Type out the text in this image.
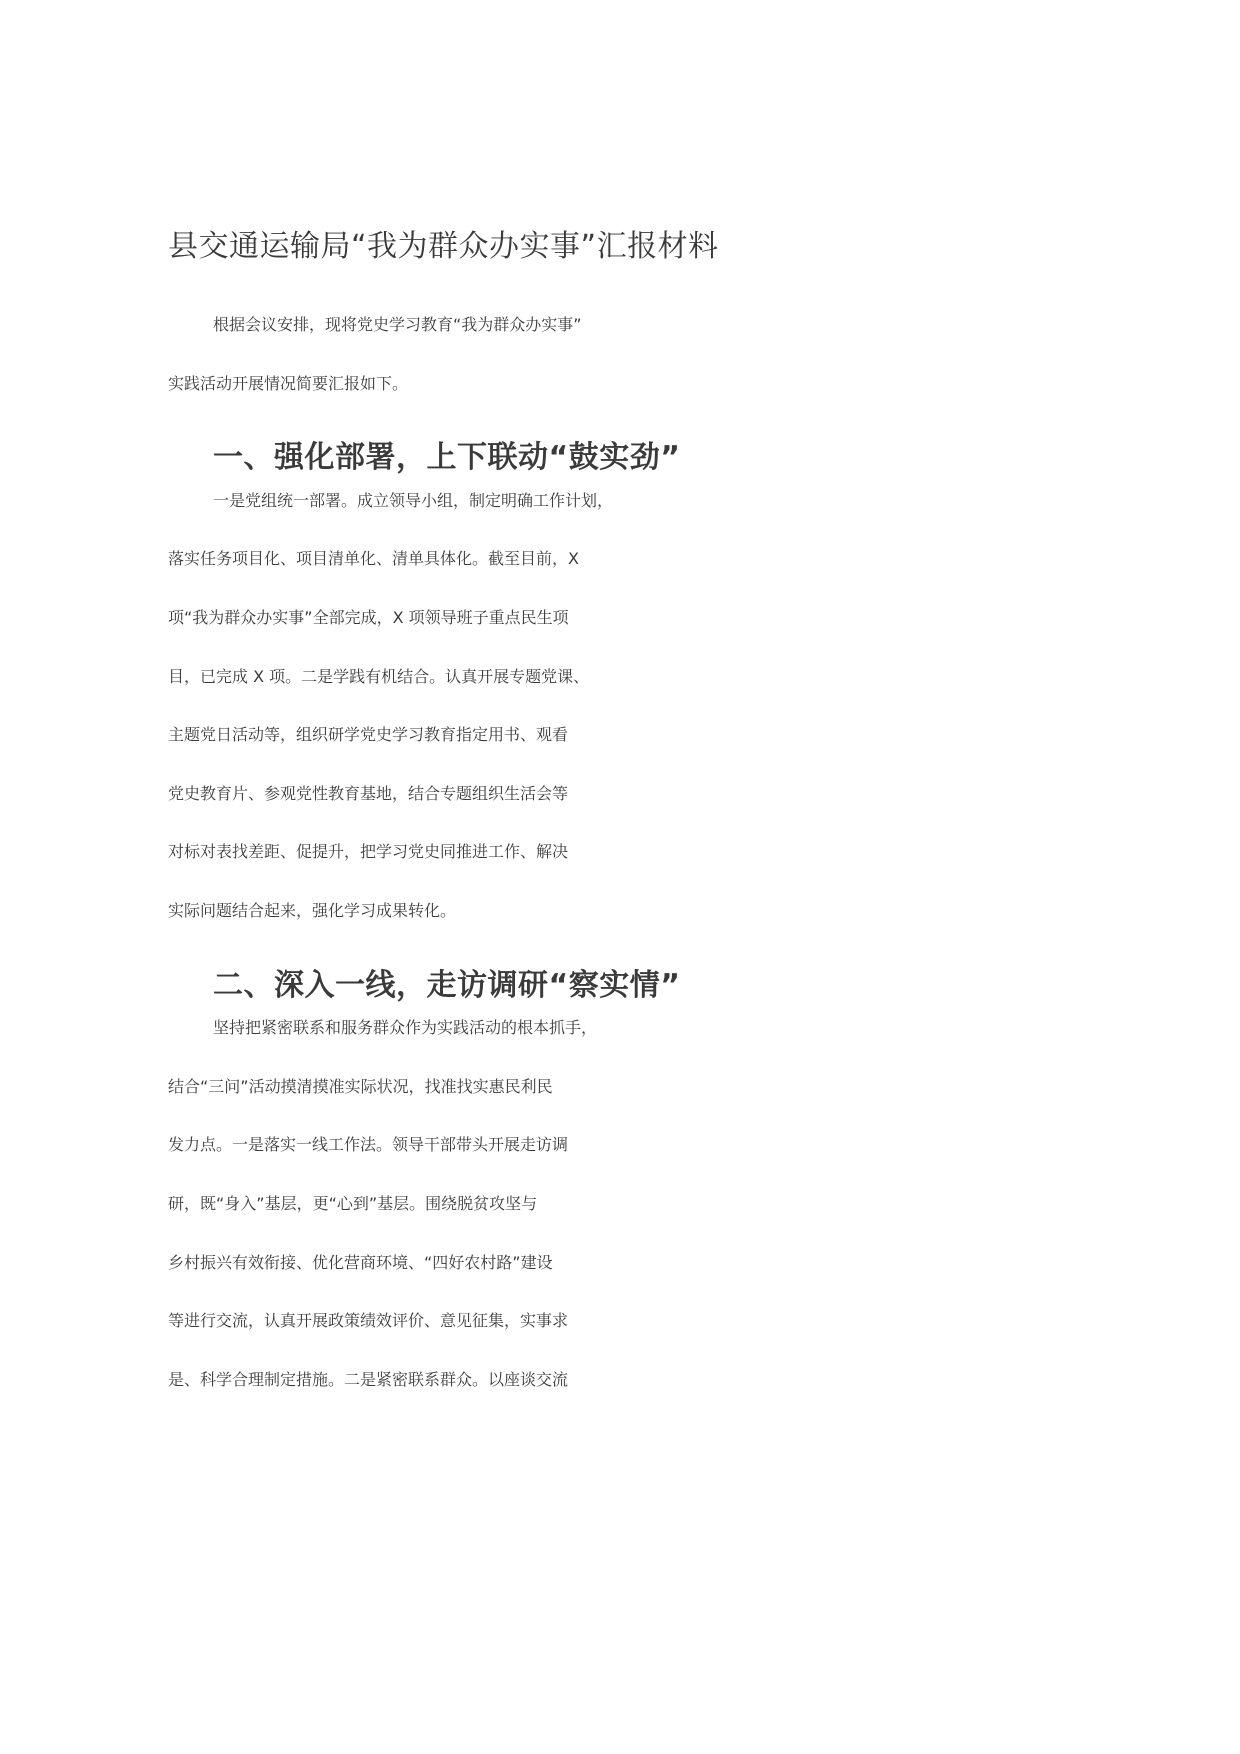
县交通运输局“我为群众办实事”汇报材料
根据会议安排，现将党史学习教育“我为群众办实事”
实践活动开展情况简要汇报如下。
一、强化部署，上下联动“鼓实劲”
一是党组统一部署。成立领导小组，制定明确工作计划，
落实任务项目化、项目清单化、清单具体化。截至目前，X
项“我为群众办实事”全部完成，X 项领导班子重点民生项
目，已完成 X 项。二是学践有机结合。认真开展专题党课、
主题党日活动等，组织研学党史学习教育指定用书、观看
党史教育片、参观党性教育基地，结合专题组织生活会等
对标对表找差距、促提升，把学习党史同推进工作、解决
实际问题结合起来，强化学习成果转化。
二、深入一线，走访调研“察实情”
坚持把紧密联系和服务群众作为实践活动的根本抓手，
结合“三问”活动摸清摸准实际状况，找准找实惠民利民
发力点。一是落实一线工作法。领导干部带头开展走访调
研，既“身入”基层，更“心到”基层。围绕脱贫攻坚与
乡村振兴有效衔接、优化营商环境、“四好农村路”建设
等进行交流，认真开展政策绩效评价、意见征集，实事求
是、科学合理制定措施。二是紧密联系群众。以座谈交流
